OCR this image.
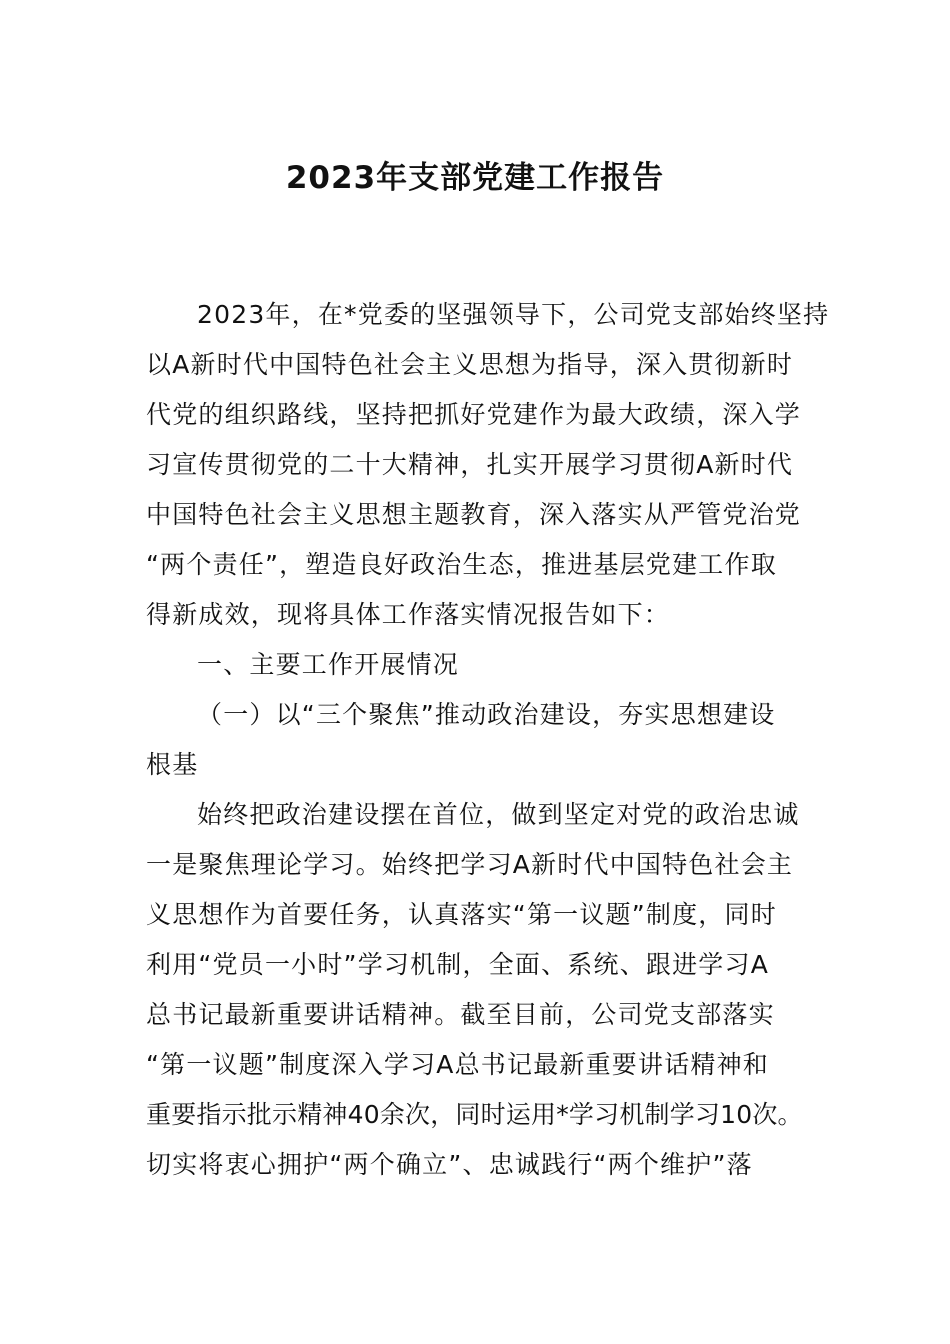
2023年支部党建工作报告
2023年，在*党委的坚强领导下，公司党支部始终坚持
以A新时代中国特色社会主义思想为指导，深入贯彻新时
代党的组织路线，坚持把抓好党建作为最大政绩，深入学
习宣传贯彻党的二十大精神，扎实开展学习贯彻A新时代
中国特色社会主义思想主题教育，深入落实从严管党治党
“两个责任”，塑造良好政治生态，推进基层党建工作取
得新成效，现将具体工作落实情况报告如下：
一、主要工作开展情况
（一）以“三个聚焦”推动政治建设，夯实思想建设
根基
始终把政治建设摆在首位，做到坚定对党的政治忠诚
一是聚焦理论学习。始终把学习A新时代中国特色社会主
义思想作为首要任务，认真落实“第一议题”制度，同时
利用“党员一小时”学习机制，全面、系统、跟进学习A
总书记最新重要讲话精神。截至目前，公司党支部落实
“第一议题”制度深入学习A总书记最新重要讲话精神和
重要指示批示精神40余次，同时运用*学习机制学习10次。
切实将衷心拥护“两个确立”、忠诚践行“两个维护”落
